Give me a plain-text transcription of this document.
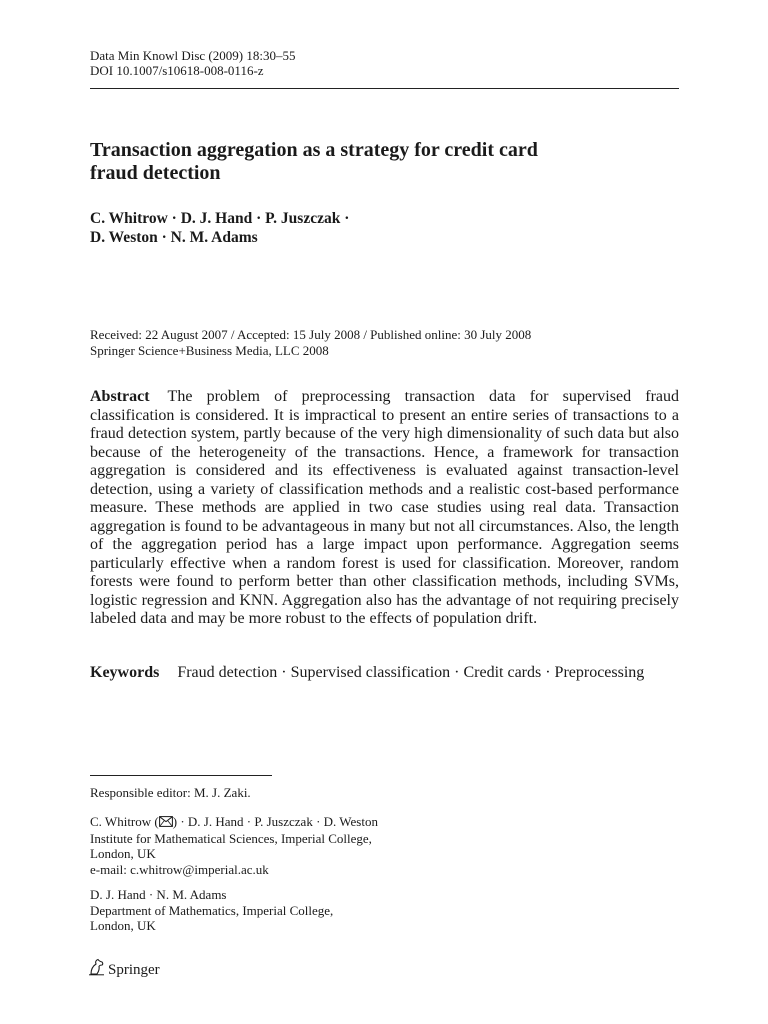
Data Min Knowl Disc (2009) 18:30–55
DOI 10.1007/s10618-008-0116-z
Transaction aggregation as a strategy for credit card
fraud detection
C. Whitrow · D. J. Hand · P. Juszczak ·
D. Weston · N. M. Adams
Received: 22 August 2007 / Accepted: 15 July 2008 / Published online: 30 July 2008
Springer Science+Business Media, LLC 2008
Abstract The problem of preprocessing transaction data for supervised fraud classification is considered. It is impractical to present an entire series of transactions to a fraud detection system, partly because of the very high dimensionality of such data but also because of the heterogeneity of the transactions. Hence, a framework for transaction aggregation is considered and its effectiveness is evaluated against transaction-level detection, using a variety of classification methods and a realistic cost-based performance measure. These methods are applied in two case studies using real data. Transaction aggregation is found to be advantageous in many but not all circumstances. Also, the length of the aggregation period has a large impact upon performance. Aggregation seems particularly effective when a random forest is used for classification. Moreover, random forests were found to perform better than other classification methods, including SVMs, logistic regression and KNN. Aggregation also has the advantage of not requiring precisely labeled data and may be more robust to the effects of population drift.
Keywords Fraud detection · Supervised classification · Credit cards · Preprocessing
Responsible editor: M. J. Zaki.
C. Whitrow ( ) · D. J. Hand · P. Juszczak · D. Weston
Institute for Mathematical Sciences, Imperial College,
London, UK
e-mail: c.whitrow@imperial.ac.uk
D. J. Hand · N. M. Adams
Department of Mathematics, Imperial College,
London, UK
Springer
